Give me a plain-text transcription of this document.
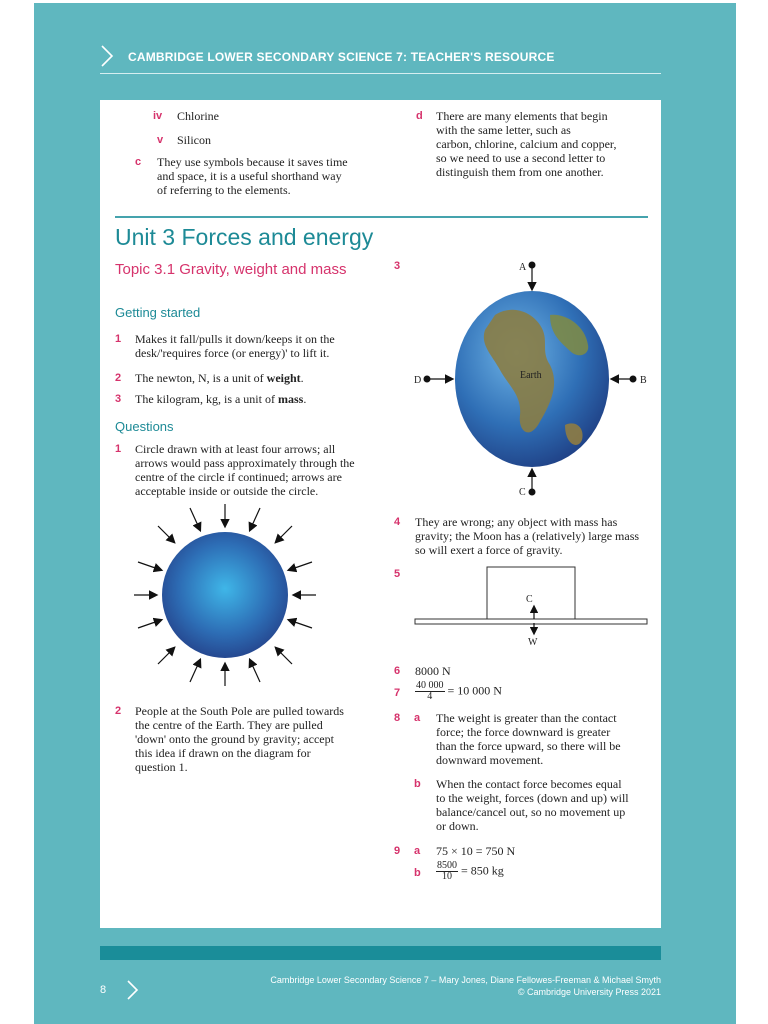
CAMBRIDGE LOWER SECONDARY SCIENCE 7: TEACHER'S RESOURCE
iv Chlorine
v Silicon
c They use symbols because it saves time
and space, it is a useful shorthand way
of referring to the elements.
d There are many elements that begin
with the same letter, such as
carbon, chlorine, calcium and copper,
so we need to use a second letter to
distinguish them from one another.
Unit 3 Forces and energy
Topic 3.1 Gravity, weight and mass
Getting started
1 Makes it fall/pulls it down/keeps it on the
desk/'requires force (or energy)' to lift it.
2 The newton, N, is a unit of weight.
3 The kilogram, kg, is a unit of mass.
Questions
1 Circle drawn with at least four arrows; all
arrows would pass approximately through the
centre of the circle if continued; arrows are
acceptable inside or outside the circle.
2 People at the South Pole are pulled towards
the centre of the Earth. They are pulled
'down' onto the ground by gravity; accept
this idea if drawn on the diagram for
question 1.
3	A
C
D	B
Earth
4 They are wrong; any object with mass has
gravity; the Moon has a (relatively) large mass
so will exert a force of gravity.
5
C
W
6 8000 N
$7 \frac{40 000}{4} = 10$ 000 N
8 a The weight is greater than the contact
force; the force downward is greater
than the force upward, so there will be
downward movement.
b When the contact force becomes equal
to the weight, forces (down and up) will
balance/cancel out, so no movement up
or down.
9 a 75 × 10 = 750 N
b $\frac{8500}{10} = 850$ kg
8
Cambridge Lower Secondary Science 7 – Mary Jones, Diane Fellowes-Freeman & Michael Smyth
© Cambridge University Press 2021
